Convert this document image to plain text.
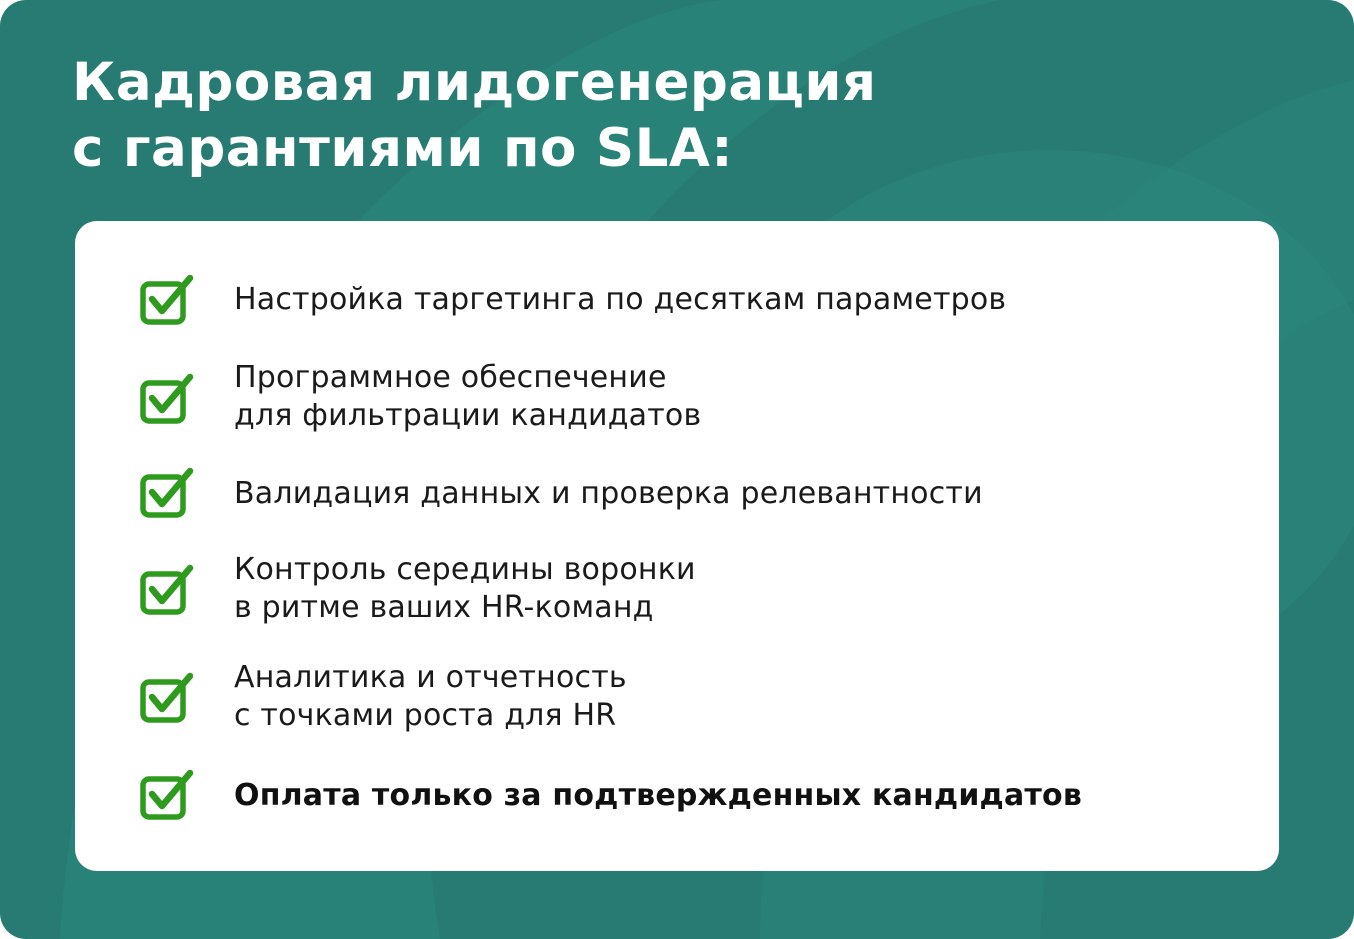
Кадровая лидогенерация
с гарантиями по SLA:
Настройка таргетинга по десяткам параметров
Программное обеспечение
для фильтрации кандидатов
Валидация данных и проверка релевантности
Контроль середины воронки
в ритме ваших HR-команд
Аналитика и отчетность
с точками роста для HR
Оплата только за подтвержденных кандидатов
